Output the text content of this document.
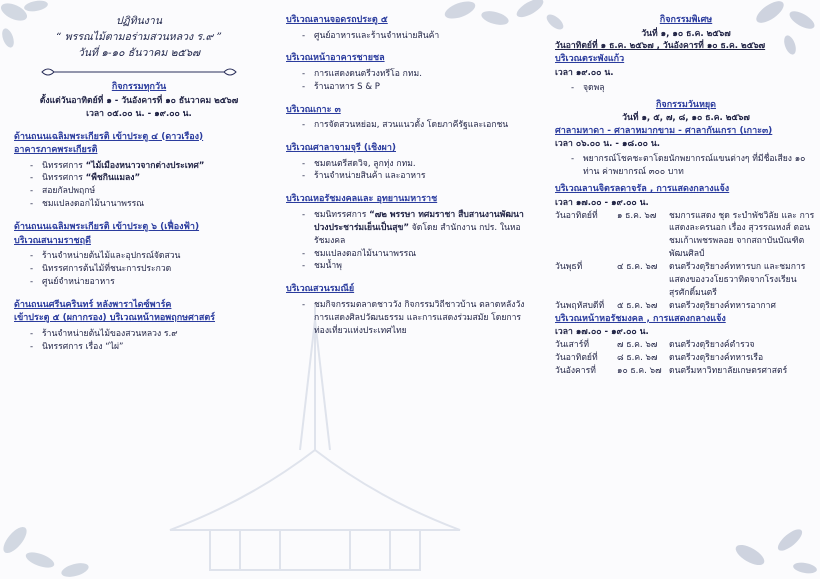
ปฏิทินงาน
“ พรรณไม้ตามอร่ามสวนหลวง ร.๙ ”
วันที่ ๑-๑๐ ธันวาคม ๒๕๖๗
กิจกรรมทุกวัน
ตั้งแต่วันอาทิตย์ที่ ๑ - วันอังคารที่ ๑๐ ธันวาคม ๒๕๖๗
เวลา ๐๕.๐๐ น. - ๑๙.๐๐ น.
ด้านถนนเฉลิมพระเกียรติ เข้าประตู ๔ (ดาวเรือง)
อาคารภาคพระเกียรติ
- นิทรรศการ “ไม้เมืองหนาวจากต่างประเทศ”
- นิทรรศการ “พืชกินแมลง”
- สอยกัลปพฤกษ์
- ชมแปลงดอกไม้นานาพรรณ
ด้านถนนเฉลิมพระเกียรติ เข้าประตู ๖ (เฟื่องฟ้า)
บริเวณสนามราชฤดี
- ร้านจำหน่ายต้นไม้และอุปกรณ์จัดสวน
- นิทรรศการต้นไม้ที่ชนะการประกวด
- ศูนย์จำหน่ายอาหาร
ด้านถนนศรีนครินทร์ หลังพาราไดซ์พาร์ค
เข้าประตู ๕ (ผกากรอง) บริเวณหน้าหอพฤกษศาสตร์
- ร้านจำหน่ายต้นไม้ของสวนหลวง ร.๙
- นิทรรศการ เรื่อง “ไผ่”
บริเวณลานจอดรถประตู ๕
- ศูนย์อาหารและร้านจำหน่ายสินค้า
บริเวณหน้าอาคารชายชล
- การแสดงดนตรีวงทรีโอ กทม.
- ร้านอาหาร S & P
บริเวณเกาะ ๓
- การจัดสวนหย่อม, สวนแนวตั้ง โดยภาคีรัฐและเอกชน
บริเวณศาลาจามจุรี (เชิงผา)
- ชมดนตรีสดวิจ, ลูกทุ่ง กทม.
- ร้านจำหน่ายสินค้า และอาหาร
บริเวณหอรัชมงคลและ อุทยานมหาราช
- ชมนิทรรศการ “๗๒ พรรษา ทศมราชา สืบสานงานพัฒนาปวงประชาร่มเย็นเป็นสุข” จัดโดย สำนักงาน กปร. ในหอรัชมงคล
- ชมแปลงดอกไม้นานาพรรณ
- ชมน้ำพุ
บริเวณสวนรมณีย์
- ชมกิจกรรมตลาดชาววัง กิจกรรมวิถีชาวบ้าน ตลาดหลังวัง การแสดงศิลปวัฒนธรรม และการแสดงร่วมสมัย โดยการท่องเที่ยวแห่งประเทศไทย
กิจกรรมพิเศษ
วันที่ ๑, ๑๐ ธ.ค. ๒๕๖๗
วันอาทิตย์ที่ ๑ ธ.ค. ๒๕๖๗ , วันอังคารที่ ๑๐ ธ.ค. ๒๕๖๗
บริเวณตระพังแก้ว
เวลา ๑๙.๐๐ น.
- จุดพลุ
กิจกรรมวันหยุด
วันที่ ๑, ๕, ๗, ๘, ๑๐ ธ.ค. ๒๕๖๗
ศาลามหาดา - ศาลาหมากขาม - ศาลากันเกรา (เกาะ๓)
เวลา ๐๖.๐๐ น. - ๑๘.๐๐ น.
- พยากรณ์โชคชะตาโดยนักพยากรณ์แขนต่างๆ ที่มีชื่อเสียง ๑๐ ท่าน ค่าพยากรณ์ ๓๐๐ บาท
บริเวณลานจิตรลดาจรัล , การแสดงกลางแจ้ง
เวลา ๑๗.๐๐ - ๑๙.๐๐ น.
วันอาทิตย์ที่	๑ ธ.ค. ๖๗	ชมการแสดง ชุด ระบำพัชวิลัย และ การแสดงละครนอก เรื่อง สุวรรณหงส์ ตอน ชมเก้าเพชรพลอย จากสถาบันบัณฑิตพัฒนศิลป์
วันพุธที่	๔ ธ.ค. ๖๗	ดนตรีวงดุริยางค์ทหารบก และชมการแสดงของวงโยธวาทิตจากโรงเรียนสุรศักดิ์มนตรี
วันพฤหัสบดีที่	๕ ธ.ค. ๖๗	ดนตรีวงดุริยางค์ทหารอากาศ
บริเวณหน้าหอรัชมงคล , การแสดงกลางแจ้ง
เวลา ๑๗.๐๐ - ๑๙.๐๐ น.
วันเสาร์ที่	๗ ธ.ค. ๖๗	ดนตรีวงดุริยางค์ตำรวจ
วันอาทิตย์ที่	๘ ธ.ค. ๖๗	ดนตรีวงดุริยางค์ทหารเรือ
วันอังคารที่	๑๐ ธ.ค. ๖๗ ดนตรีมหาวิทยาลัยเกษตรศาสตร์
